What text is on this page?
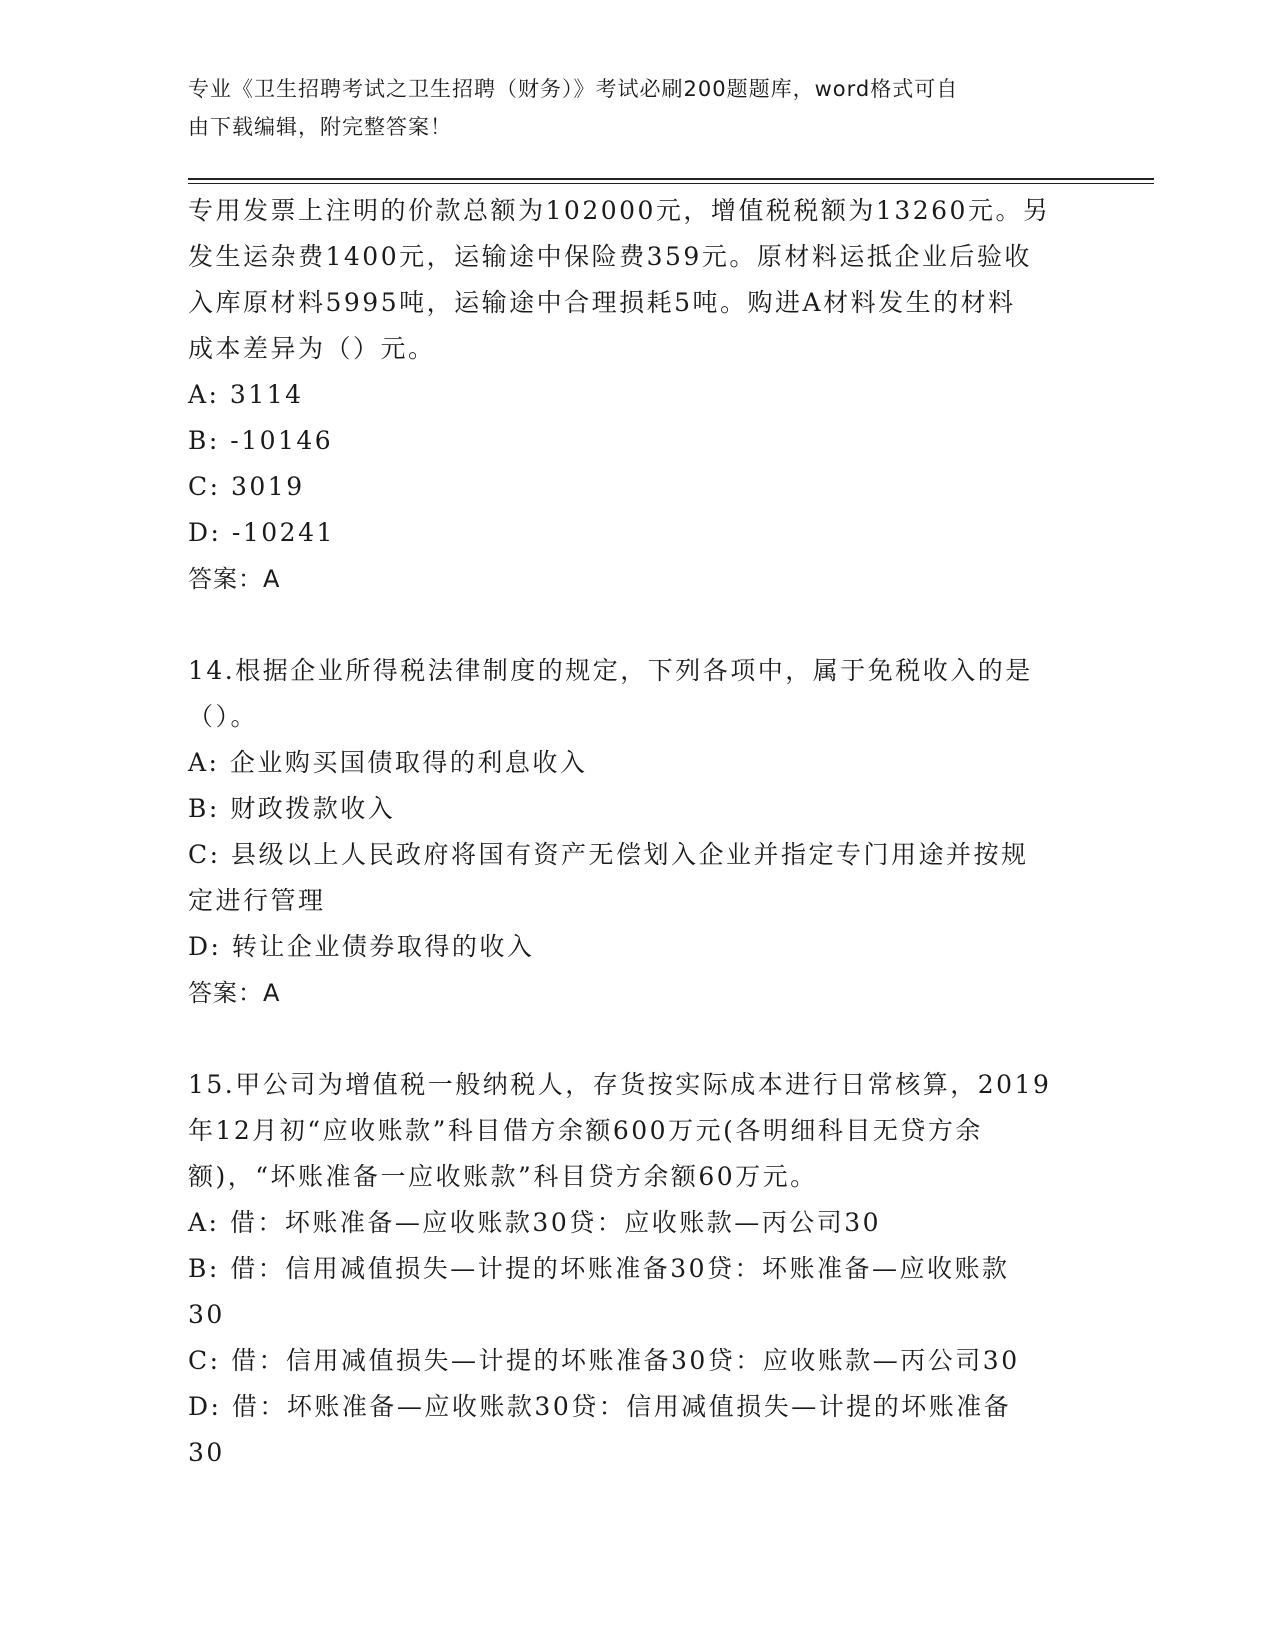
专业《卫生招聘考试之卫生招聘（财务）》考试必刷200题题库，word格式可自
由下载编辑，附完整答案！

专用发票上注明的价款总额为102000元，增值税税额为13260元。另

发生运杂费1400元，运输途中保险费359元。原材料运抵企业后验收

入库原材料5995吨，运输途中合理损耗5吨。购进A材料发生的材料

成本差异为（）元。

A: 3114

B: -10146

C: 3019

D: -10241

答案：A

14.根据企业所得税法律制度的规定，下列各项中，属于免税收入的是

（）。

A: 企业购买国债取得的利息收入

B: 财政拨款收入

C: 县级以上人民政府将国有资产无偿划入企业并指定专门用途并按规

定进行管理

D: 转让企业债券取得的收入

答案：A

15.甲公司为增值税一般纳税人，存货按实际成本进行日常核算，2019

年12月初“应收账款”科目借方余额600万元(各明细科目无贷方余

额)，“坏账准备一应收账款”科目贷方余额60万元。

A: 借：坏账准备—应收账款30贷：应收账款—丙公司30

B: 借：信用减值损失—计提的坏账准备30贷：坏账准备—应收账款

30

C: 借：信用减值损失—计提的坏账准备30贷：应收账款—丙公司30

D: 借：坏账准备—应收账款30贷：信用减值损失—计提的坏账准备

30
